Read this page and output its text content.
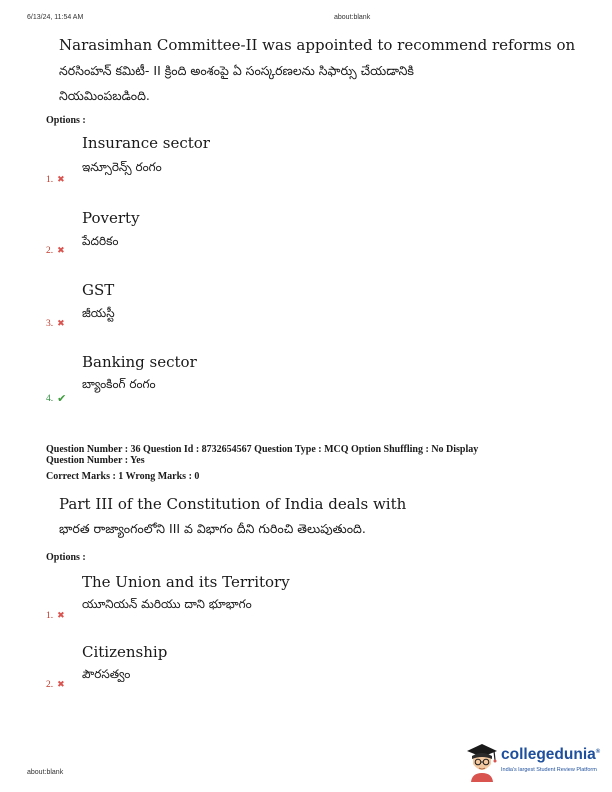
6/13/24, 11:54 AM	about:blank
Narasimhan Committee-II was appointed to recommend reforms on
నరసింహన్ కమిటీ- II క్రింది అంశంపై ఏ సంస్కరణలను సిఫార్సు చేయడానికి
నియమింపబడింది.
Options :
Insurance sector
ఇన్సూరెన్స్ రంగం
1. ✖
Poverty
పేదరికం
2. ✖
GST
జీయస్టీ
3. ✖
Banking sector
బ్యాంకింగ్ రంగం
4. ✔
Question Number : 36 Question Id : 8732654567 Question Type : MCQ Option Shuffling : No Display
Question Number : Yes
Correct Marks : 1 Wrong Marks : 0
Part III of the Constitution of India deals with
భారత రాజ్యాంగంలోని III వ విభాగం దీని గురించి తెలుపుతుంది.
Options :
The Union and its Territory
యూనియన్ మరియు దాని భూభాగం
1. ✖
Citizenship
పౌరసత్వం
2. ✖
about:blank
collegedunia®
India's largest Student Review Platform
